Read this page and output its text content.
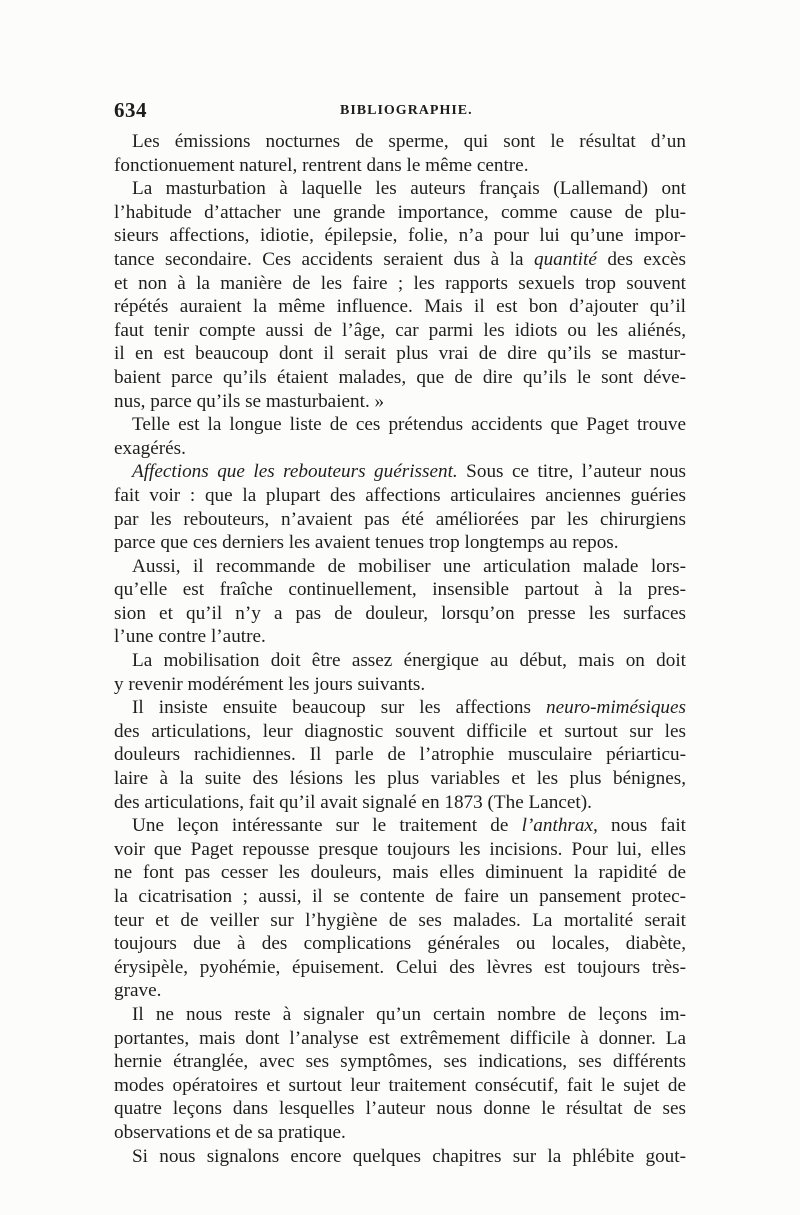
634	BIBLIOGRAPHIE.
Les émissions nocturnes de sperme, qui sont le résultat d’un
fonctionuement naturel, rentrent dans le même centre.
La masturbation à laquelle les auteurs français (Lallemand) ont
l’habitude d’attacher une grande importance, comme cause de plu-
sieurs affections, idiotie, épilepsie, folie, n’a pour lui qu’une impor-
tance secondaire. Ces accidents seraient dus à la quantité des excès
et non à la manière de les faire ; les rapports sexuels trop souvent
répétés auraient la même influence. Mais il est bon d’ajouter qu’il
faut tenir compte aussi de l’âge, car parmi les idiots ou les aliénés,
il en est beaucoup dont il serait plus vrai de dire qu’ils se mastur-
baient parce qu’ils étaient malades, que de dire qu’ils le sont déve-
nus, parce qu’ils se masturbaient. »
Telle est la longue liste de ces prétendus accidents que Paget trouve
exagérés.
Affections que les rebouteurs guérissent. Sous ce titre, l’auteur nous
fait voir : que la plupart des affections articulaires anciennes guéries
par les rebouteurs, n’avaient pas été améliorées par les chirurgiens
parce que ces derniers les avaient tenues trop longtemps au repos.
Aussi, il recommande de mobiliser une articulation malade lors-
qu’elle est fraîche continuellement, insensible partout à la pres-
sion et qu’il n’y a pas de douleur, lorsqu’on presse les surfaces
l’une contre l’autre.
La mobilisation doit être assez énergique au début, mais on doit
y revenir modérément les jours suivants.
Il insiste ensuite beaucoup sur les affections neuro-mimésiques
des articulations, leur diagnostic souvent difficile et surtout sur les
douleurs rachidiennes. Il parle de l’atrophie musculaire périarticu-
laire à la suite des lésions les plus variables et les plus bénignes,
des articulations, fait qu’il avait signalé en 1873 (The Lancet).
Une leçon intéressante sur le traitement de l’anthrax, nous fait
voir que Paget repousse presque toujours les incisions. Pour lui, elles
ne font pas cesser les douleurs, mais elles diminuent la rapidité de
la cicatrisation ; aussi, il se contente de faire un pansement protec-
teur et de veiller sur l’hygiène de ses malades. La mortalité serait
toujours due à des complications générales ou locales, diabète,
érysipèle, pyohémie, épuisement. Celui des lèvres est toujours très-
grave.
Il ne nous reste à signaler qu’un certain nombre de leçons im-
portantes, mais dont l’analyse est extrêmement difficile à donner. La
hernie étranglée, avec ses symptômes, ses indications, ses différents
modes opératoires et surtout leur traitement consécutif, fait le sujet de
quatre leçons dans lesquelles l’auteur nous donne le résultat de ses
observations et de sa pratique.
Si nous signalons encore quelques chapitres sur la phlébite gout-
